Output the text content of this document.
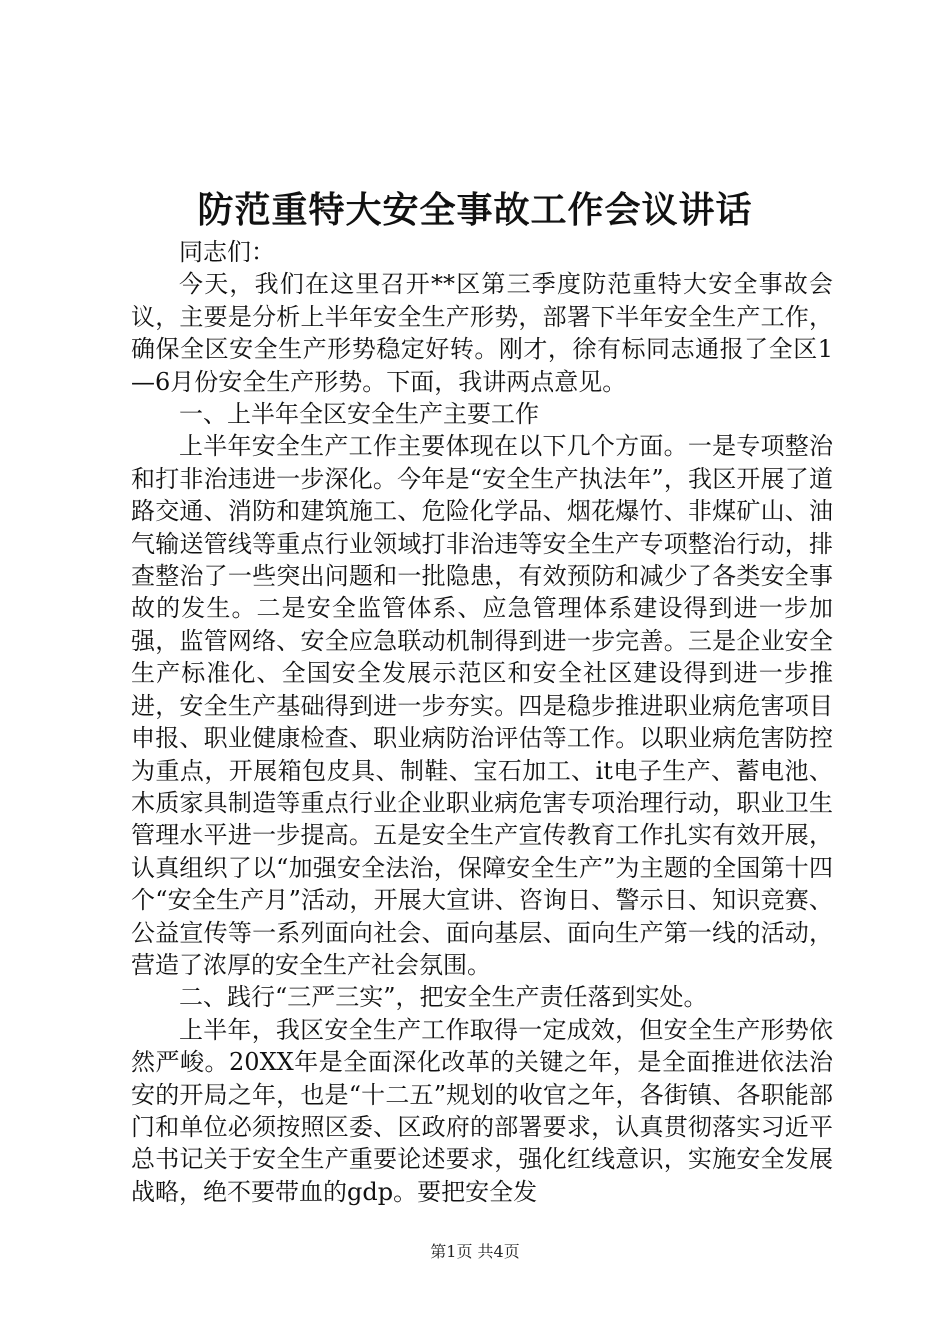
防范重特大安全事故工作会议讲话

同志们：

今天，我们在这里召开**区第三季度防范重特大安全事故会议，主要是分析上半年安全生产形势，部署下半年安全生产工作，确保全区安全生产形势稳定好转。刚才，徐有标同志通报了全区1—6月份安全生产形势。下面，我讲两点意见。

一、上半年全区安全生产主要工作

上半年安全生产工作主要体现在以下几个方面。一是专项整治和打非治违进一步深化。今年是“安全生产执法年”，我区开展了道路交通、消防和建筑施工、危险化学品、烟花爆竹、非煤矿山、油气输送管线等重点行业领域打非治违等安全生产专项整治行动，排查整治了一些突出问题和一批隐患，有效预防和减少了各类安全事故的发生。二是安全监管体系、应急管理体系建设得到进一步加强，监管网络、安全应急联动机制得到进一步完善。三是企业安全生产标准化、全国安全发展示范区和安全社区建设得到进一步推进，安全生产基础得到进一步夯实。四是稳步推进职业病危害项目申报、职业健康检查、职业病防治评估等工作。以职业病危害防控为重点，开展箱包皮具、制鞋、宝石加工、it电子生产、蓄电池、木质家具制造等重点行业企业职业病危害专项治理行动，职业卫生管理水平进一步提高。五是安全生产宣传教育工作扎实有效开展，认真组织了以“加强安全法治，保障安全生产”为主题的全国第十四个“安全生产月”活动，开展大宣讲、咨询日、警示日、知识竞赛、公益宣传等一系列面向社会、面向基层、面向生产第一线的活动，营造了浓厚的安全生产社会氛围。

二、践行“三严三实”，把安全生产责任落到实处。

上半年，我区安全生产工作取得一定成效，但安全生产形势依然严峻。20XX年是全面深化改革的关键之年，是全面推进依法治安的开局之年，也是“十二五”规划的收官之年，各街镇、各职能部门和单位必须按照区委、区政府的部署要求，认真贯彻落实习近平总书记关于安全生产重要论述要求，强化红线意识，实施安全发展战略，绝不要带血的gdp。要把安全发

第1页 共4页
